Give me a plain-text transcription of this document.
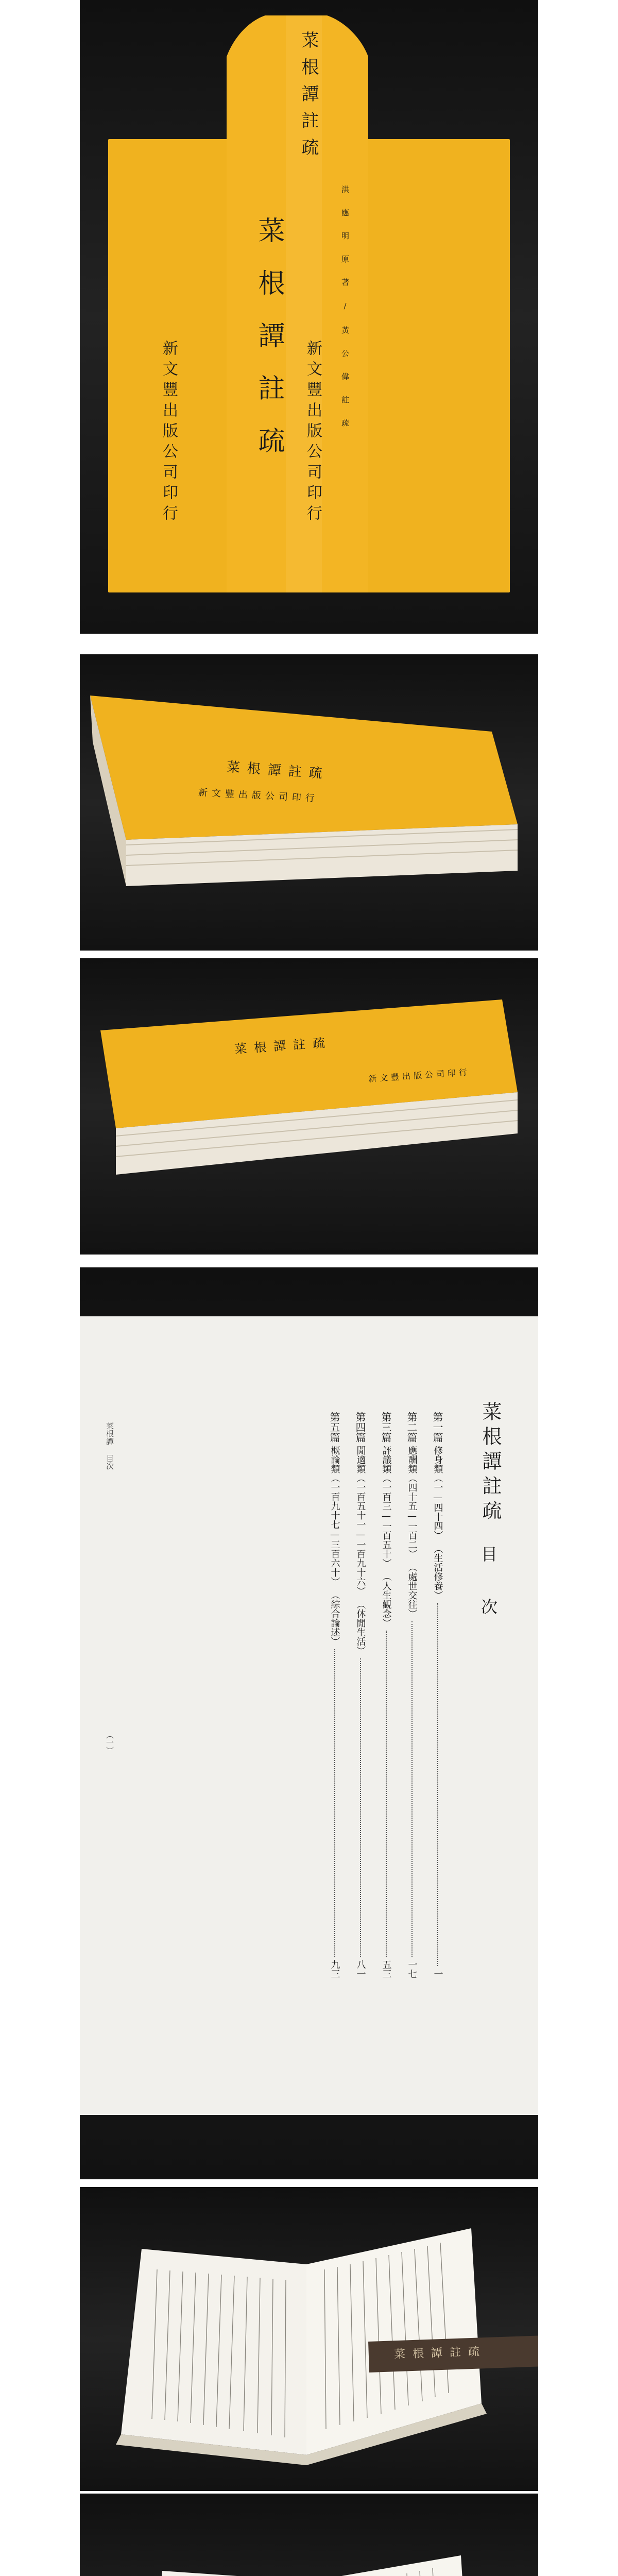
菜根譚註疏
菜根譚註疏	洪 應 明 原 著 / 黃 公 偉 註 疏
新文豐出版公司印行
新文豐出版公司印行
菜根譚註疏
新文豐出版公司印行
菜根譚註疏
新文豐出版公司印行
菜根譚註疏
目 次
第一篇
修身類（一—四十四）
（生活修養）
一
第二篇
應酬類（四十五—一百二）
（處世交往）
一七
第三篇
評議類（一百三—一百五十）
（人生觀念）
五三
第四篇
閒適類（一百五十一—一百九十六）
（休閒生活）
八一
第五篇
概論類（一百九十七—三百六十）
（綜合論述）
九三
菜根譚 目次
（一）
菜根譚註疏
